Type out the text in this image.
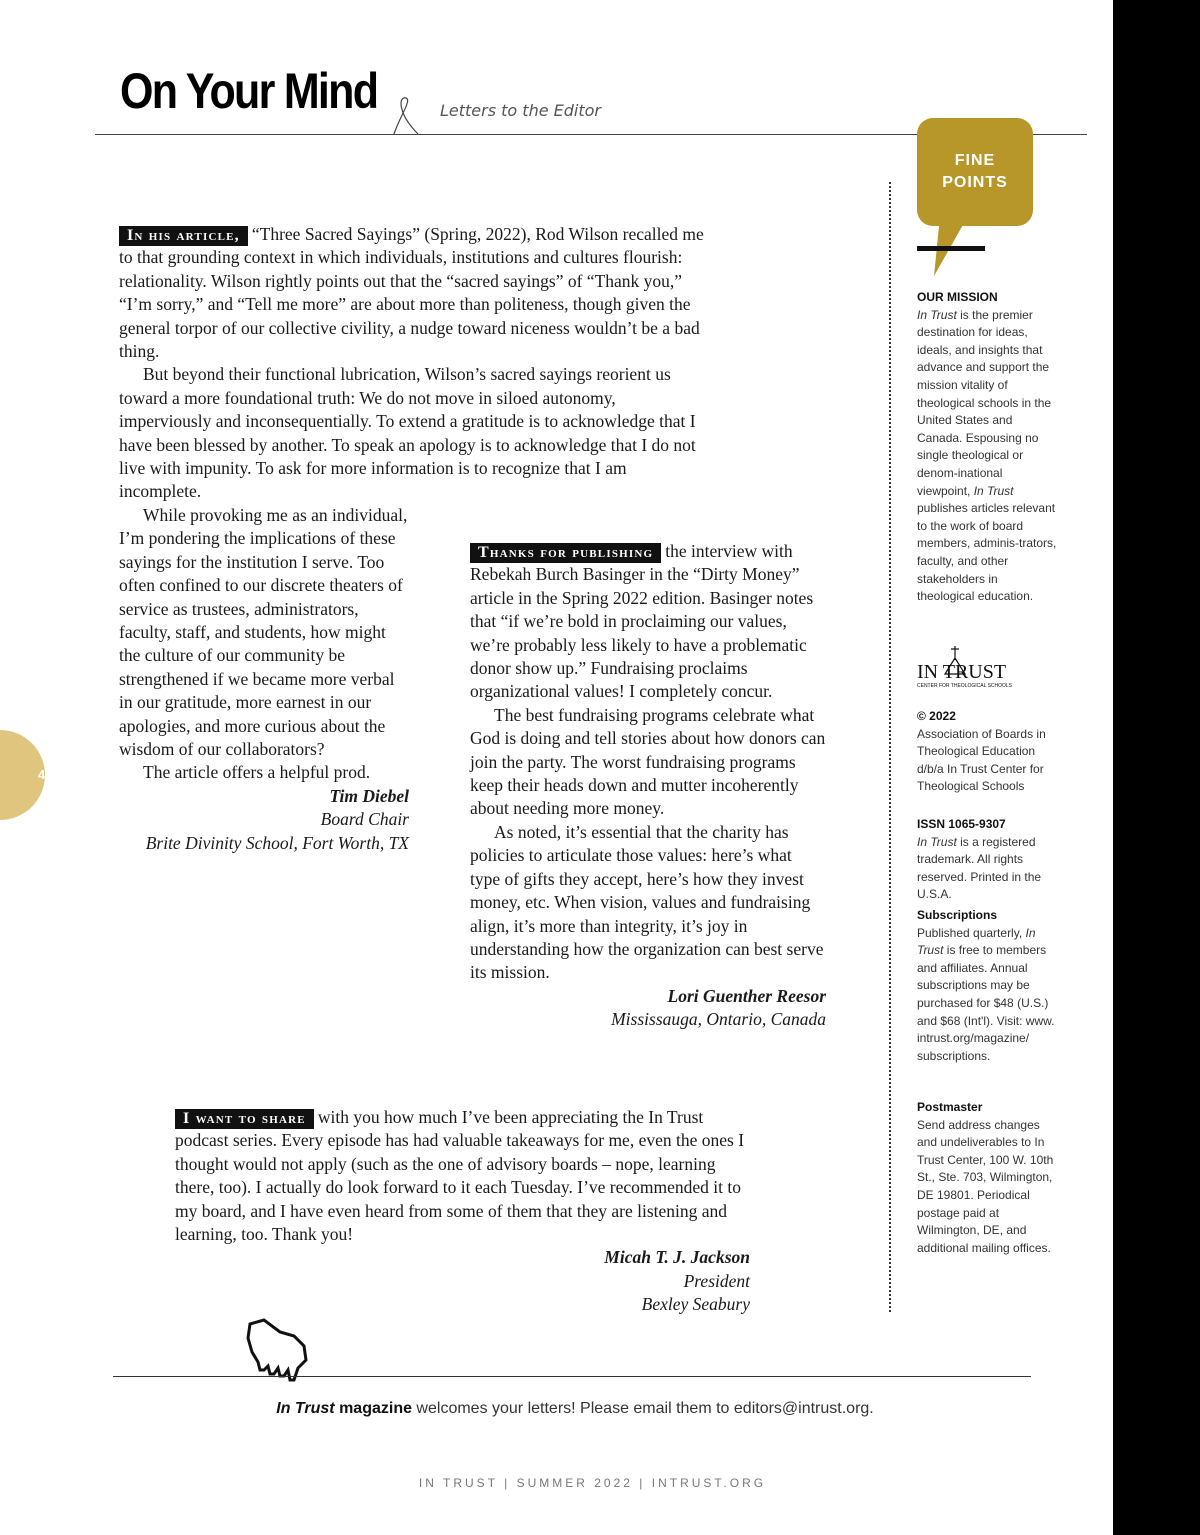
On Your Mind	Letters to the Editor
FINE
POINTS

In his article, “Three Sacred Sayings” (Spring, 2022), Rod Wilson recalled me to that grounding context in which individuals, institutions and cultures flourish: relationality. Wilson rightly points out that the “sacred sayings” of “Thank you,” “I’m sorry,” and “Tell me more” are about more than politeness, though given the general torpor of our collective civility, a nudge toward niceness wouldn’t be a bad thing.

But beyond their functional lubrication, Wilson’s sacred sayings reorient us toward a more foundational truth: We do not move in siloed autonomy, imperviously and inconsequentially. To extend a gratitude is to acknowledge that I have been blessed by another. To speak an apology is to acknowledge that I do not live with impunity. To ask for more information is to recognize that I am incomplete.

While provoking me as an individual, I’m pondering the implications of these sayings for the institution I serve. Too often confined to our discrete theaters of service as trustees, administrators, faculty, staff, and students, how might the culture of our community be strengthened if we became more verbal in our gratitude, more earnest in our apologies, and more curious about the wisdom of our collaborators?

The article offers a helpful prod.

Tim Diebel
Board Chair
Brite Divinity School, Fort Worth, TX

Thanks for publishing the interview with Rebekah Burch Basinger in the “Dirty Money” article in the Spring 2022 edition. Basinger notes that “if we’re bold in proclaiming our values, we’re probably less likely to have a problematic donor show up.” Fundraising proclaims organizational values! I completely concur.

The best fundraising programs celebrate what God is doing and tell stories about how donors can join the party. The worst fundraising programs keep their heads down and mutter incoherently about needing more money.

As noted, it’s essential that the charity has policies to articulate those values: here’s what type of gifts they accept, here’s how they invest money, etc. When vision, values and fundraising align, it’s more than integrity, it’s joy in understanding how the organization can best serve its mission.

Lori Guenther Reesor
Mississauga, Ontario, Canada

I want to share with you how much I’ve been appreciating the In Trust podcast series. Every episode has had valuable takeaways for me, even the ones I thought would not apply (such as the one of advisory boards – nope, learning there, too). I actually do look forward to it each Tuesday. I’ve recommended it to my board, and I have even heard from some of them that they are listening and learning, too. Thank you!

Micah T. J. Jackson
President
Bexley Seabury
OUR MISSION
In Trust is the premier destination for ideas, ideals, and insights that advance and support the mission vitality of theological schools in the United States and Canada. Espousing no single theological or denom-inational viewpoint, In Trust publishes articles relevant to the work of board members, adminis-trators, faculty, and other stakeholders in theological education.
IN TRUST
CENTER FOR THEOLOGICAL SCHOOLS
© 2022
Association of Boards in Theological Education d/b/a In Trust Center for Theological Schools
ISSN 1065-9307
In Trust is a registered trademark. All rights reserved. Printed in the U.S.A.
Subscriptions
Published quarterly, In Trust is free to members and affiliates. Annual subscriptions may be purchased for $48 (U.S.) and $68 (Int'l). Visit: www. intrust.org/magazine/ subscriptions.
Postmaster
Send address changes and undeliverables to In Trust Center, 100 W. 10th St., Ste. 703, Wilmington, DE 19801. Periodical postage paid at Wilmington, DE, and additional mailing offices.
4
In Trust magazine welcomes your letters! Please email them to editors@intrust.org.
IN TRUST | SUMMER 2022 | INTRUST.ORG
